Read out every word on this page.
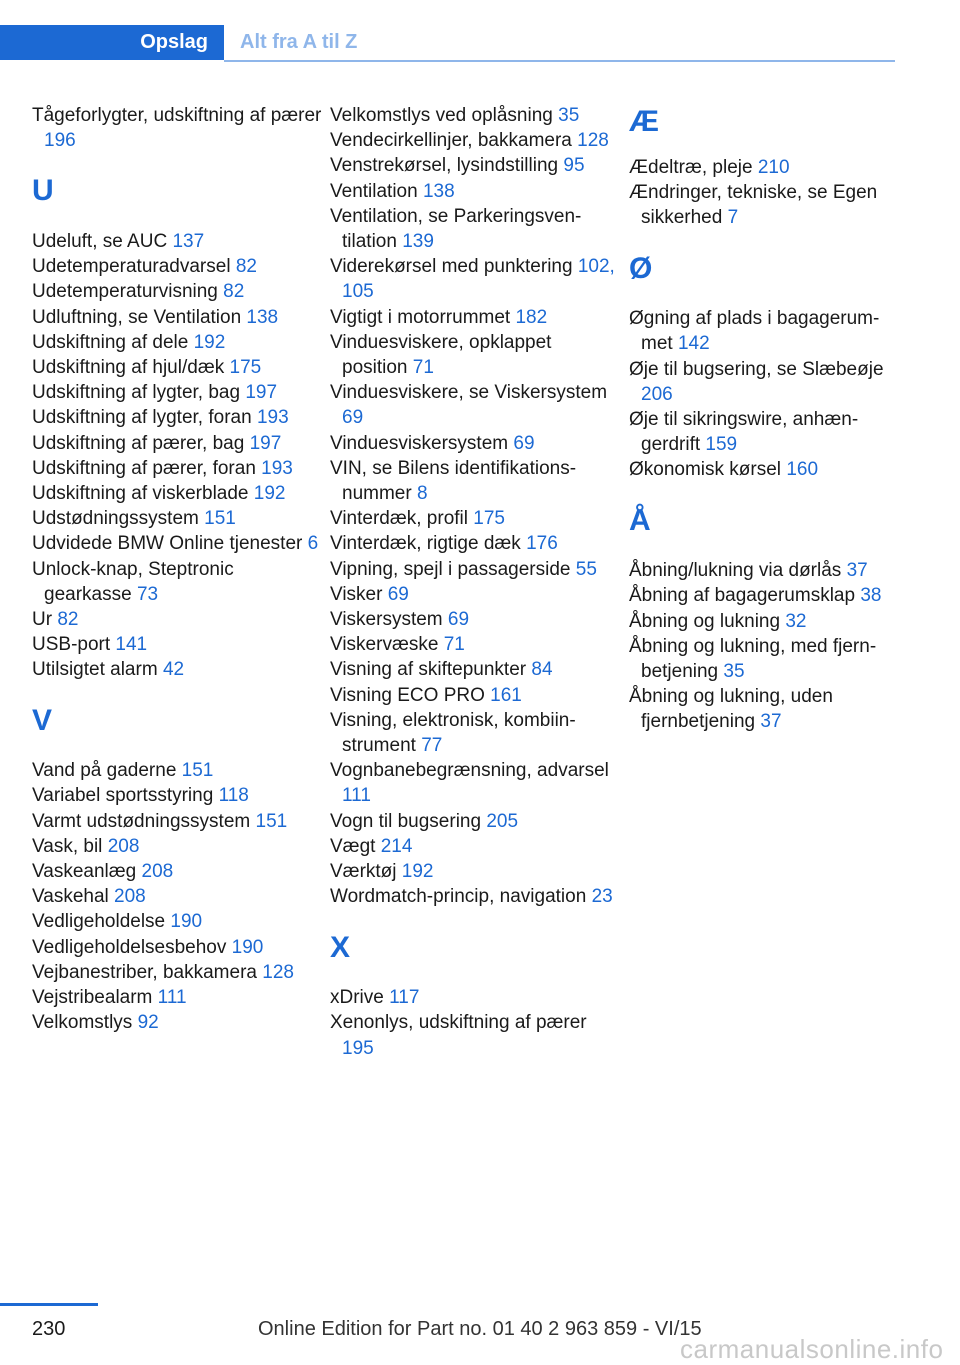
Opslag Alt fra A til Z
Tågeforlygter, udskiftning af pærer 196
U
Udeluft, se AUC 137
Udetemperaturadvarsel 82
Udetemperaturvisning 82
Udluftning, se Ventilation 138
Udskiftning af dele 192
Udskiftning af hjul/dæk 175
Udskiftning af lygter, bag 197
Udskiftning af lygter, foran 193
Udskiftning af pærer, bag 197
Udskiftning af pærer, foran 193
Udskiftning af viskerblade 192
Udstødningssystem 151
Udvidede BMW Online tjenester 6
Unlock-knap, Steptronic gearkasse 73
Ur 82
USB-port 141
Utilsigtet alarm 42
V
Vand på gaderne 151
Variabel sportsstyring 118
Varmt udstødningssystem 151
Vask, bil 208
Vaskeanlæg 208
Vaskehal 208
Vedligeholdelse 190
Vedligeholdelsesbehov 190
Vejbanestriber, bakkamera 128
Vejstribealarm 111
Velkomstlys 92
Velkomstlys ved oplåsning 35
Vendecirkellinjer, bakkamera 128
Venstrekørsel, lysindstilling 95
Ventilation 138
Ventilation, se Parkeringsventilation 139
Viderekørsel med punktering 102, 105
Vigtigt i motorrummet 182
Vinduesviskere, opklappet position 71
Vinduesviskere, se Viskersystem 69
Vinduesviskersystem 69
VIN, se Bilens identifikationsnummer 8
Vinterdæk, profil 175
Vinterdæk, rigtige dæk 176
Vipning, spejl i passagerside 55
Visker 69
Viskersystem 69
Viskervæske 71
Visning af skiftepunkter 84
Visning ECO PRO 161
Visning, elektronisk, kombiinstrument 77
Vognbanebegrænsning, advarsel 111
Vogn til bugsering 205
Vægt 214
Værktøj 192
Wordmatch-princip, navigation 23
X
xDrive 117
Xenonlys, udskiftning af pærer 195
Æ
Ædeltræ, pleje 210
Ændringer, tekniske, se Egen sikkerhed 7
Ø
Øgning af plads i bagagerummet 142
Øje til bugsering, se Slæbeøje 206
Øje til sikringswire, anhængerdrift 159
Økonomisk kørsel 160
Å
Åbning/lukning via dørlås 37
Åbning af bagagerumsklap 38
Åbning og lukning 32
Åbning og lukning, med fjernbetjening 35
Åbning og lukning, uden fjernbetjening 37
230	Online Edition for Part no. 01 40 2 963 859 - VI/15
carmanualsonline.info
